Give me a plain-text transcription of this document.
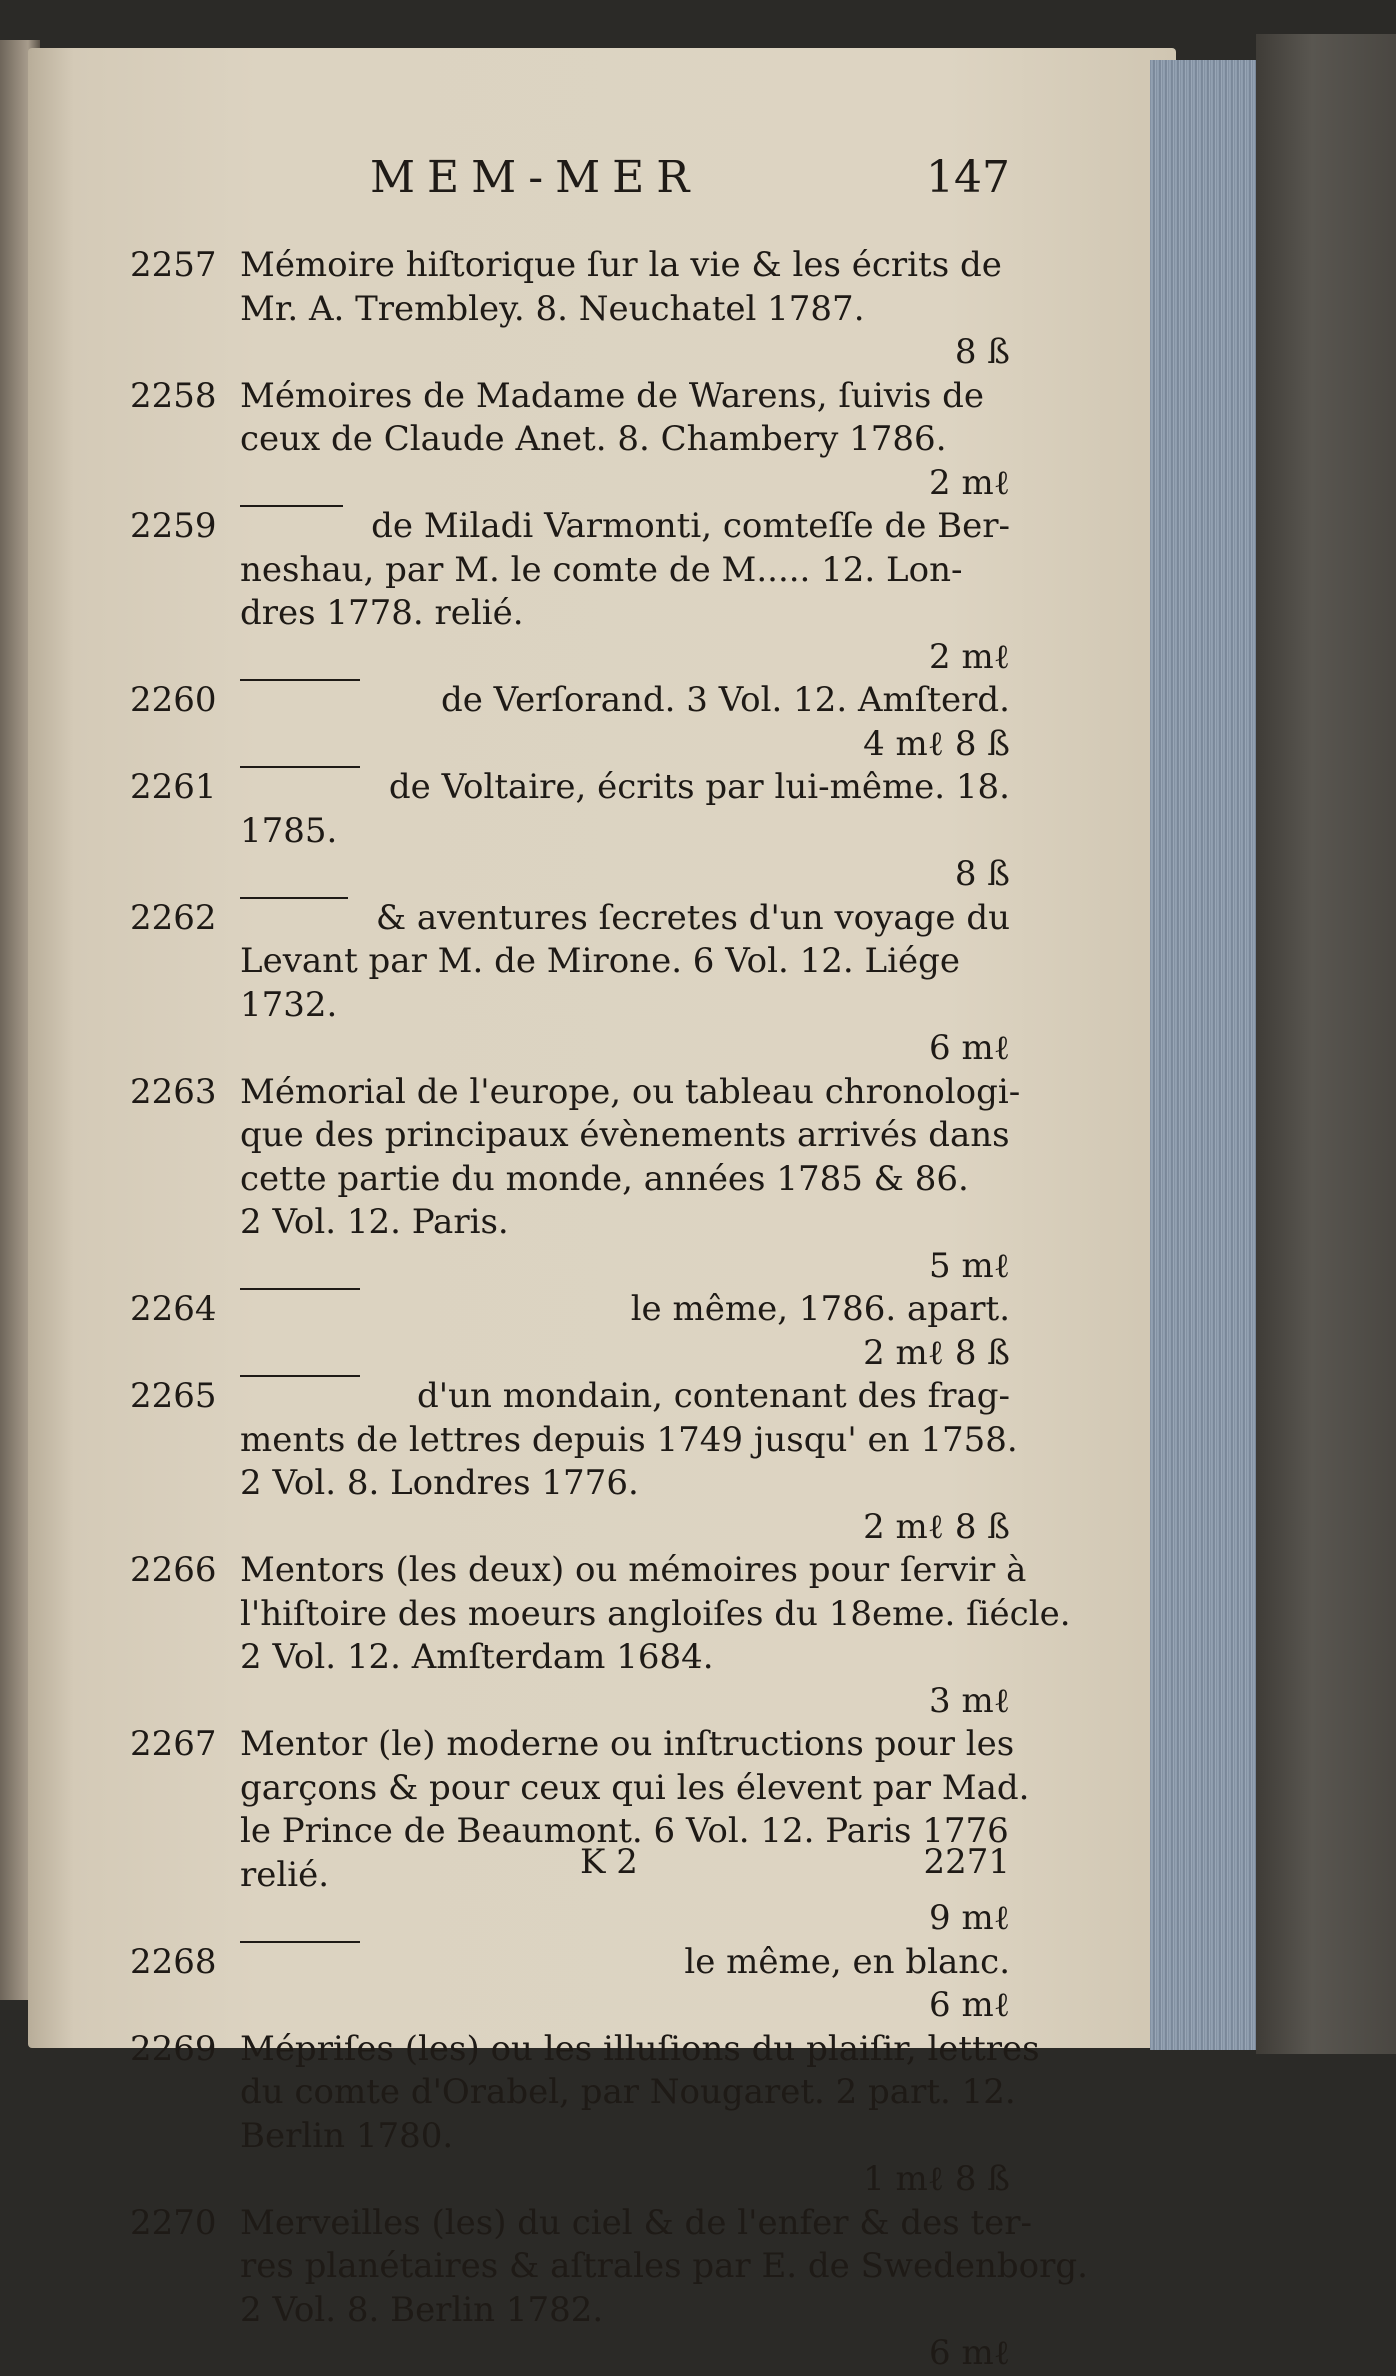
MEM-MER	147
2257 Mémoire hiſtorique ſur la vie & les écrits de
Mr. A. Trembley. 8. Neuchatel 1787.
8 ß
2258 Mémoires de Madame de Warens, ſuivis de
ceux de Claude Anet. 8. Chambery 1786.
2 mℓ
2259	de Miladi Varmonti, comteſſe de Ber-
neshau, par M. le comte de M..... 12. Lon-
dres 1778. relié.
2 mℓ
2260	de Verſorand. 3 Vol. 12. Amſterd.
4 mℓ 8 ß
2261	de Voltaire, écrits par lui-même. 18.
1785.
8 ß
2262	& aventures ſecretes d'un voyage du
Levant par M. de Mirone. 6 Vol. 12. Liége
1732.
6 mℓ
2263 Mémorial de l'europe, ou tableau chronologi-
que des principaux évènements arrivés dans
cette partie du monde, années 1785 & 86.
2 Vol. 12. Paris.
5 mℓ
2264	le même, 1786. apart.
2 mℓ 8 ß
2265	d'un mondain, contenant des frag-
ments de lettres depuis 1749 jusqu' en 1758.
2 Vol. 8. Londres 1776.
2 mℓ 8 ß
2266 Mentors (les deux) ou mémoires pour ſervir à
l'hiſtoire des moeurs angloiſes du 18eme. ſiécle.
2 Vol. 12. Amſterdam 1684.
3 mℓ
2267 Mentor (le) moderne ou inſtructions pour les
garçons & pour ceux qui les élevent par Mad.
le Prince de Beaumont. 6 Vol. 12. Paris 1776
relié.
9 mℓ
2268	le même, en blanc.
6 mℓ
2269 Mépriſes (les) ou les illuſions du plaiſir, lettres
du comte d'Orabel, par Nougaret. 2 part. 12.
Berlin 1780.
1 mℓ 8 ß
2270 Merveilles (les) du ciel & de l'enfer & des ter-
res planétaires & aſtrales par E. de Swedenborg.
2 Vol. 8. Berlin 1782.
6 mℓ
K 2	2271
